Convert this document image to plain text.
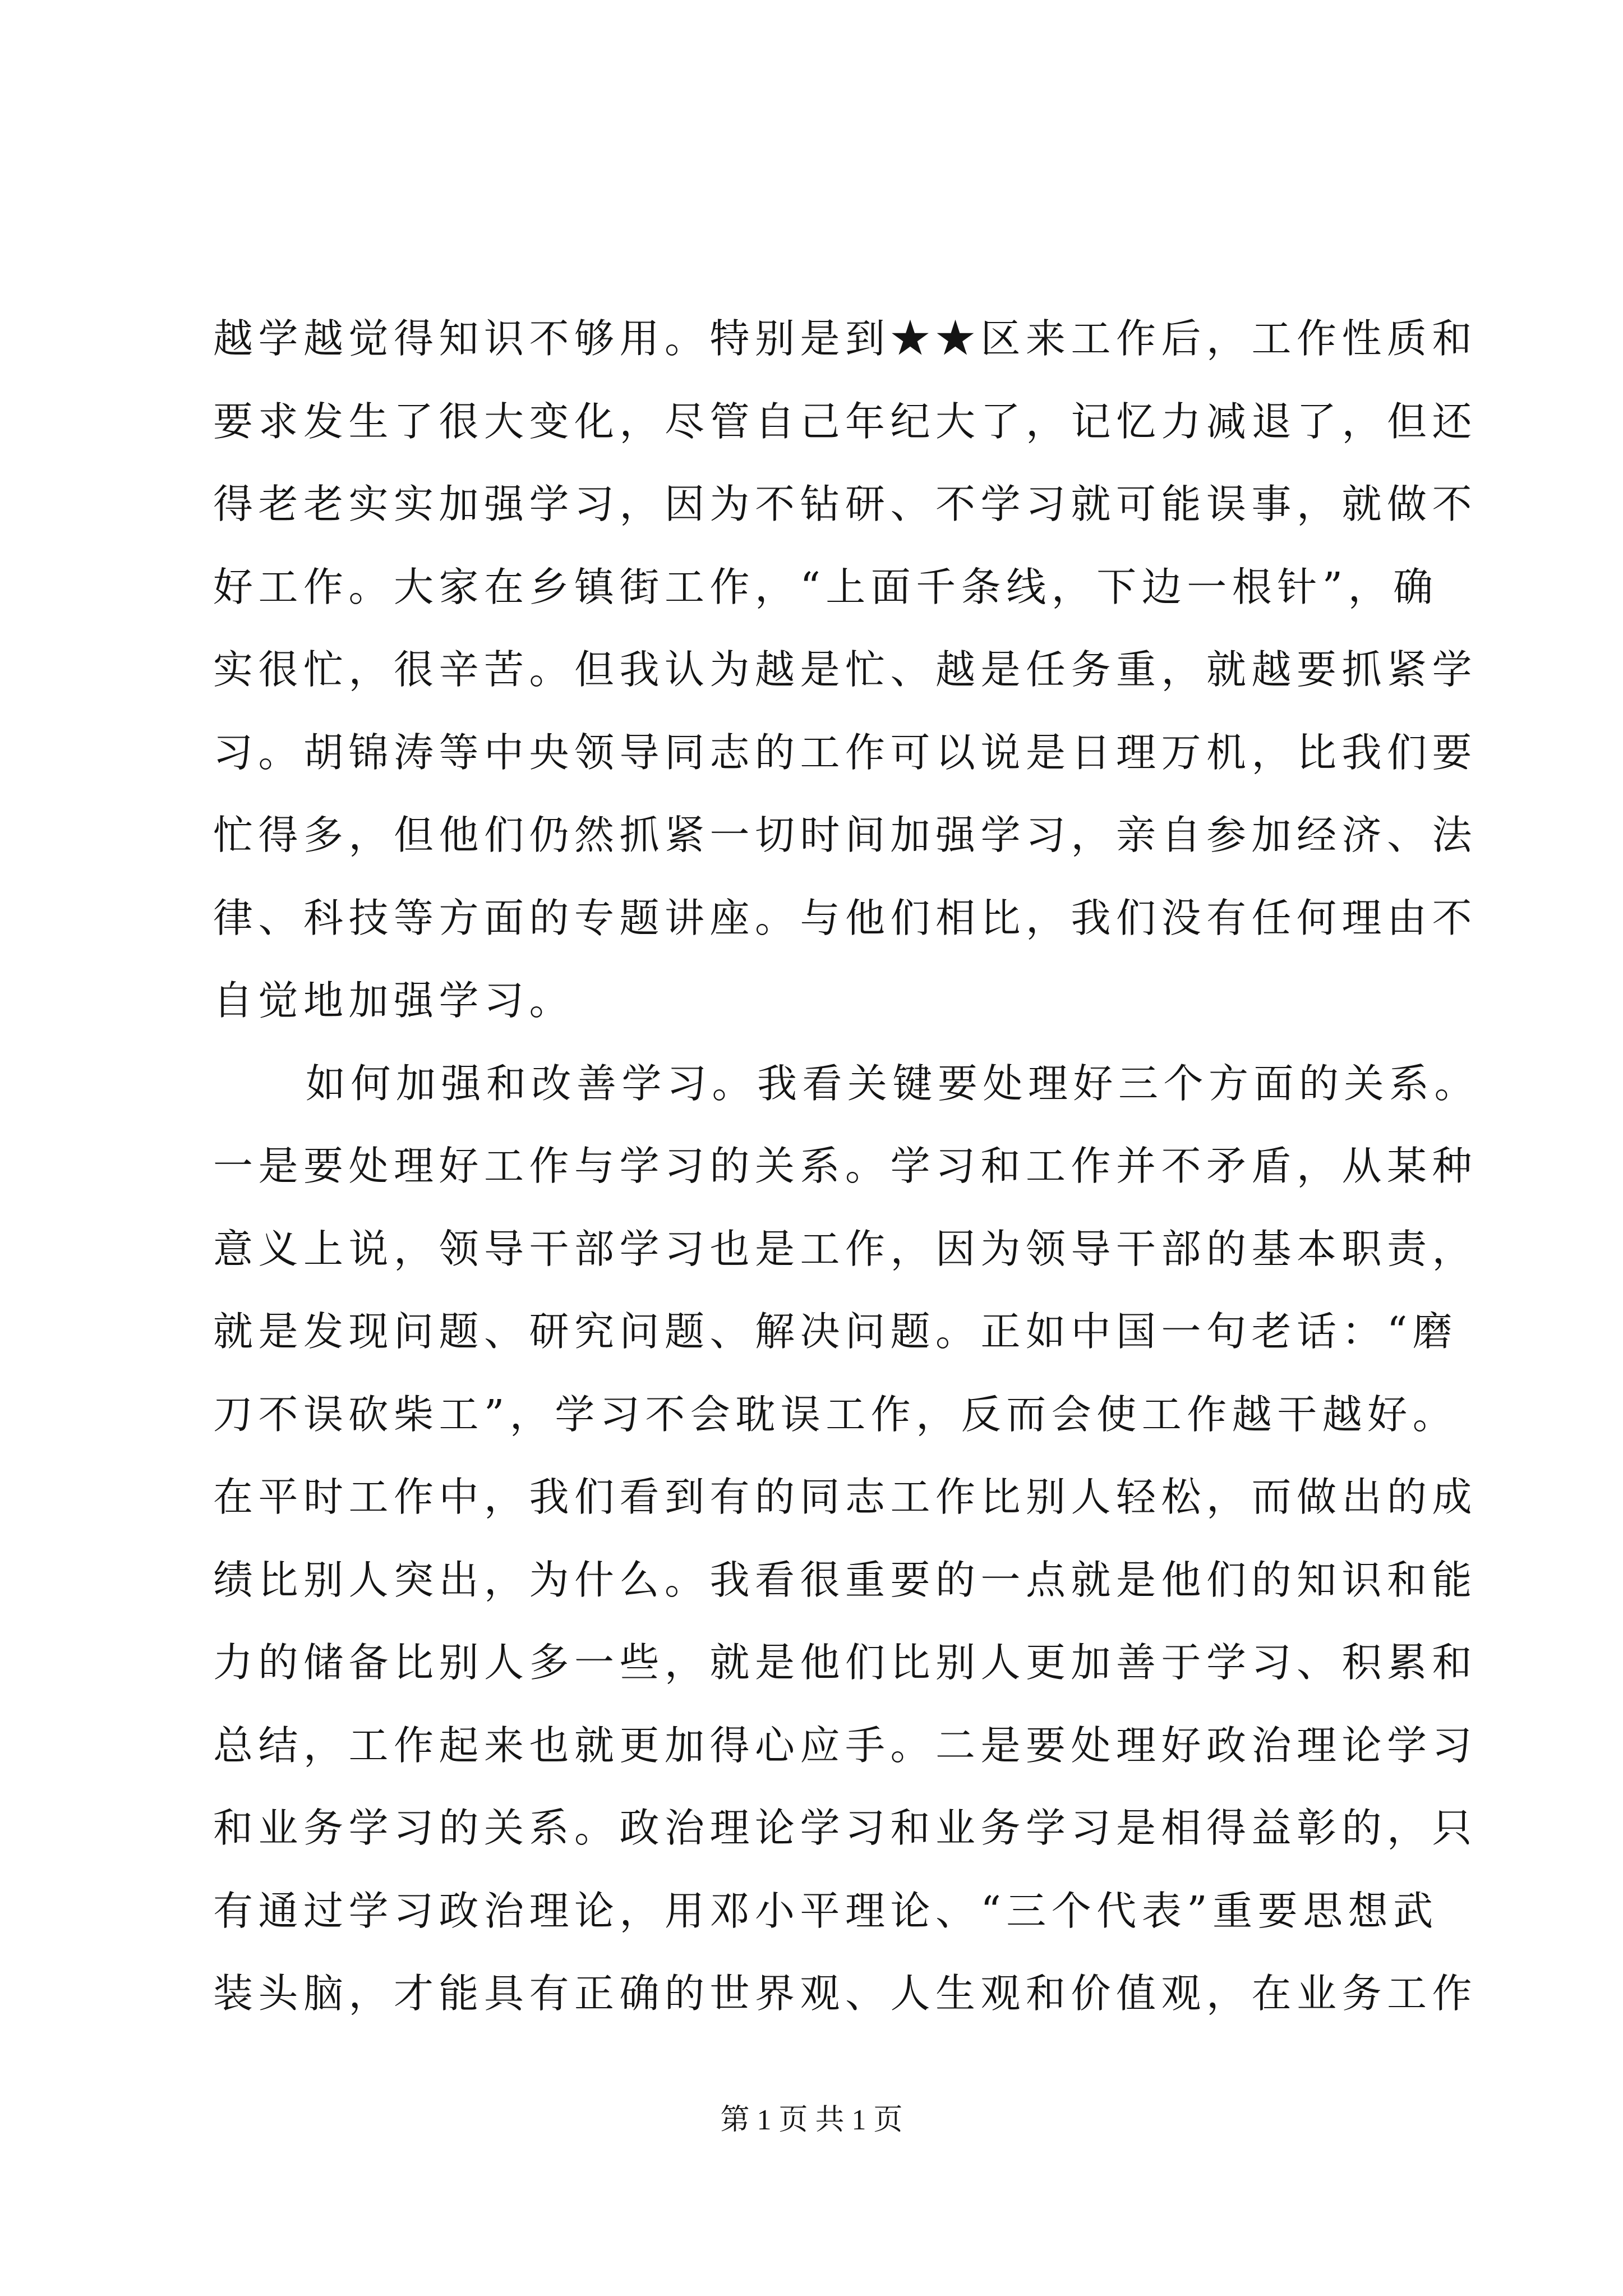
越学越觉得知识不够用。特别是到★★区来工作后，工作性质和
要求发生了很大变化，尽管自己年纪大了，记忆力减退了，但还
得老老实实加强学习，因为不钻研、不学习就可能误事，就做不
好工作。大家在乡镇街工作，“上面千条线，下边一根针”，确
实很忙，很辛苦。但我认为越是忙、越是任务重，就越要抓紧学
习。胡锦涛等中央领导同志的工作可以说是日理万机，比我们要
忙得多，但他们仍然抓紧一切时间加强学习，亲自参加经济、法
律、科技等方面的专题讲座。与他们相比，我们没有任何理由不
自觉地加强学习。
如何加强和改善学习。我看关键要处理好三个方面的关系。
一是要处理好工作与学习的关系。学习和工作并不矛盾，从某种
意义上说，领导干部学习也是工作，因为领导干部的基本职责，
就是发现问题、研究问题、解决问题。正如中国一句老话：“磨
刀不误砍柴工”，学习不会耽误工作，反而会使工作越干越好。
在平时工作中，我们看到有的同志工作比别人轻松，而做出的成
绩比别人突出，为什么。我看很重要的一点就是他们的知识和能
力的储备比别人多一些，就是他们比别人更加善于学习、积累和
总结，工作起来也就更加得心应手。二是要处理好政治理论学习
和业务学习的关系。政治理论学习和业务学习是相得益彰的，只
有通过学习政治理论，用邓小平理论、“三个代表”重要思想武
装头脑，才能具有正确的世界观、人生观和价值观，在业务工作
第 1 页 共 1 页
